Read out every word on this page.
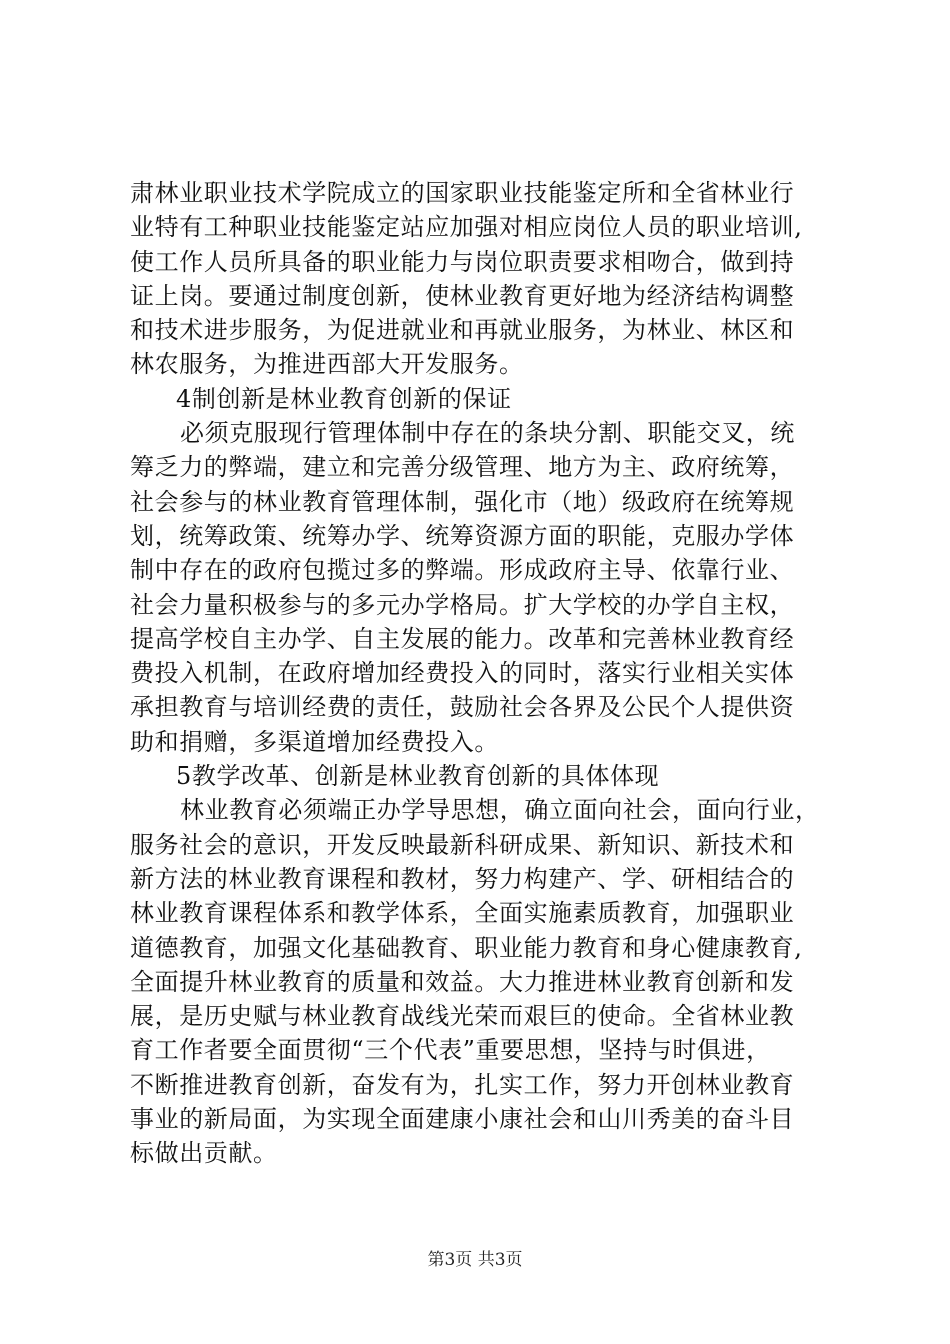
肃林业职业技术学院成立的国家职业技能鉴定所和全省林业行
业特有工种职业技能鉴定站应加强对相应岗位人员的职业培训,
使工作人员所具备的职业能力与岗位职责要求相吻合，做到持
证上岗。要通过制度创新，使林业教育更好地为经济结构调整
和技术进步服务，为促进就业和再就业服务，为林业、林区和
林农服务，为推进西部大开发服务。
4制创新是林业教育创新的保证
必须克服现行管理体制中存在的条块分割、职能交叉，统
筹乏力的弊端，建立和完善分级管理、地方为主、政府统筹，
社会参与的林业教育管理体制，强化市（地）级政府在统筹规
划，统筹政策、统筹办学、统筹资源方面的职能，克服办学体
制中存在的政府包揽过多的弊端。形成政府主导、依靠行业、
社会力量积极参与的多元办学格局。扩大学校的办学自主权，
提高学校自主办学、自主发展的能力。改革和完善林业教育经
费投入机制，在政府增加经费投入的同时，落实行业相关实体
承担教育与培训经费的责任，鼓励社会各界及公民个人提供资
助和捐赠，多渠道增加经费投入。
5教学改革、创新是林业教育创新的具体体现
林业教育必须端正办学导思想，确立面向社会，面向行业，
服务社会的意识，开发反映最新科研成果、新知识、新技术和
新方法的林业教育课程和教材，努力构建产、学、研相结合的
林业教育课程体系和教学体系，全面实施素质教育，加强职业
道德教育，加强文化基础教育、职业能力教育和身心健康教育,
全面提升林业教育的质量和效益。大力推进林业教育创新和发
展，是历史赋与林业教育战线光荣而艰巨的使命。全省林业教
育工作者要全面贯彻“三个代表”重要思想，坚持与时俱进，
不断推进教育创新，奋发有为，扎实工作，努力开创林业教育
事业的新局面，为实现全面建康小康社会和山川秀美的奋斗目
标做出贡献。
第3页 共3页
